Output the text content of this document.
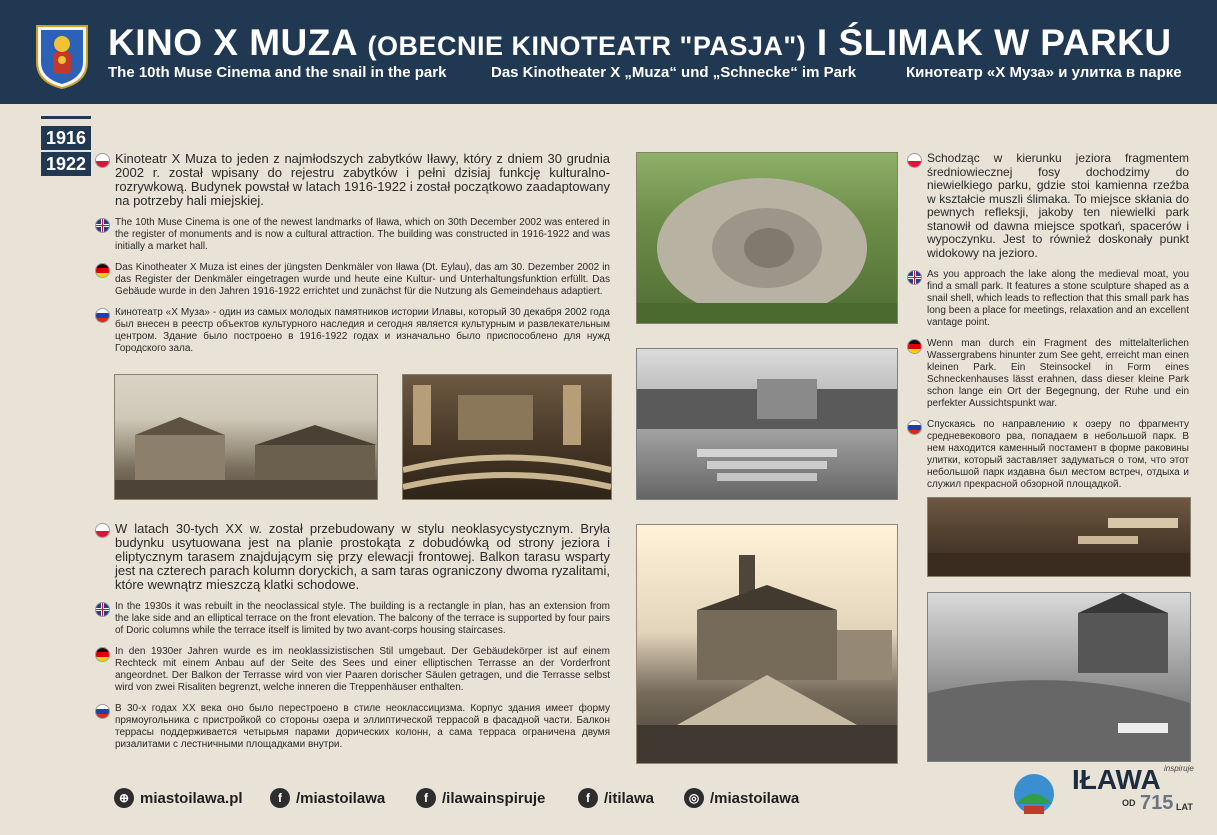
KINO X MUZA (OBECNIE KINOTEATR "PASJA") I ŚLIMAK W PARKU
The 10th Muse Cinema and the snail in the park	Das Kinotheater X „Muza“ und „Schnecke“ im Park	Кинотеатр «Х Муза» и улитка в парке
1916
1922	Kinoteatr X Muza to jeden z najmłodszych zabytków Iławy, który z dniem 30 grudnia 2002 r. został wpisany do rejestru zabytków i pełni dzisiaj funkcję kulturalno-rozrywkową. Budynek powstał w latach 1916-1922 i został początkowo zaadaptowany na potrzeby hali miejskiej.
The 10th Muse Cinema is one of the newest landmarks of Iława, which on 30th December 2002 was entered in the register of monuments and is now a cultural attraction. The building was constructed in 1916-1922 and was initially a market hall.
Das Kinotheater X Muza ist eines der jüngsten Denkmäler von Iława (Dt. Eylau), das am 30. Dezember 2002 in das Register der Denkmäler eingetragen wurde und heute eine Kultur- und Unterhaltungsfunktion erfüllt. Das Gebäude wurde in den Jahren 1916-1922 errichtet und zunächst für die Nutzung als Gemeindehaus adaptiert.
Кинотеатр «Х Муза» - один из самых молодых памятников истории Илавы, который 30 декабря 2002 года был внесен в реестр объектов культурного наследия и сегодня является культурным и развлекательным центром. Здание было построено в 1916-1922 годах и изначально было приспособлено для нужд Городского зала.
W latach 30-tych XX w. został przebudowany w stylu neoklasycystycznym. Bryła budynku usytuowana jest na planie prostokąta z dobudówką od strony jeziora i eliptycznym tarasem znajdującym się przy elewacji frontowej. Balkon tarasu wsparty jest na czterech parach kolumn doryckich, a sam taras ograniczony dwoma ryzalitami, które wewnątrz mieszczą klatki schodowe.
In the 1930s it was rebuilt in the neoclassical style. The building is a rectangle in plan, has an extension from the lake side and an elliptical terrace on the front elevation. The balcony of the terrace is supported by four pairs of Doric columns while the terrace itself is limited by two avant-corps housing staircases.
In den 1930er Jahren wurde es im neoklassizistischen Stil umgebaut. Der Gebäudekörper ist auf einem Rechteck mit einem Anbau auf der Seite des Sees und einer elliptischen Terrasse an der Vorderfront angeordnet. Der Balkon der Terrasse wird von vier Paaren dorischer Säulen getragen, und die Terrasse selbst wird von zwei Risaliten begrenzt, welche inneren die Treppenhäuser enthalten.
В 30-х годах ХХ века оно было перестроено в стиле неоклассицизма. Корпус здания имеет форму прямоугольника с пристройкой со стороны озера и эллиптической террасой в фасадной части. Балкон террасы поддерживается четырьмя парами дорических колонн, а сама терраса ограничена двумя ризалитами с лестничными площадками внутри.
Schodząc w kierunku jeziora fragmentem średniowiecznej fosy dochodzimy do niewielkiego parku, gdzie stoi kamienna rzeźba w kształcie muszli ślimaka. To miejsce skłania do pewnych refleksji, jakoby ten niewielki park stanowił od dawna miejsce spotkań, spacerów i wypoczynku. Jest to również doskonały punkt widokowy na jezioro.
As you approach the lake along the medieval moat, you find a small park. It features a stone sculpture shaped as a snail shell, which leads to reflection that this small park has long been a place for meetings, relaxation and an excellent vantage point.
Wenn man durch ein Fragment des mittelalterlichen Wassergrabens hinunter zum See geht, erreicht man einen kleinen Park. Ein Steinsockel in Form eines Schneckenhauses lässt erahnen, dass dieser kleine Park schon lange ein Ort der Begegnung, der Ruhe und ein perfekter Aussichtspunkt war.
Спускаясь по направлению к озеру по фрагменту средневекового рва, попадаем в небольшой парк. В нем находится каменный постамент в форме раковины улитки, который заставляет задуматься о том, что этот небольшой парк издавна был местом встреч, отдыха и служил прекрасной обзорной площадкой.
⊕ miastoilawa.pl	f /miastoilawa	f /ilawainspiruje	f /itilawa	◎ /miastoilawa
IŁAWA inspiruje
OD 715 LAT
